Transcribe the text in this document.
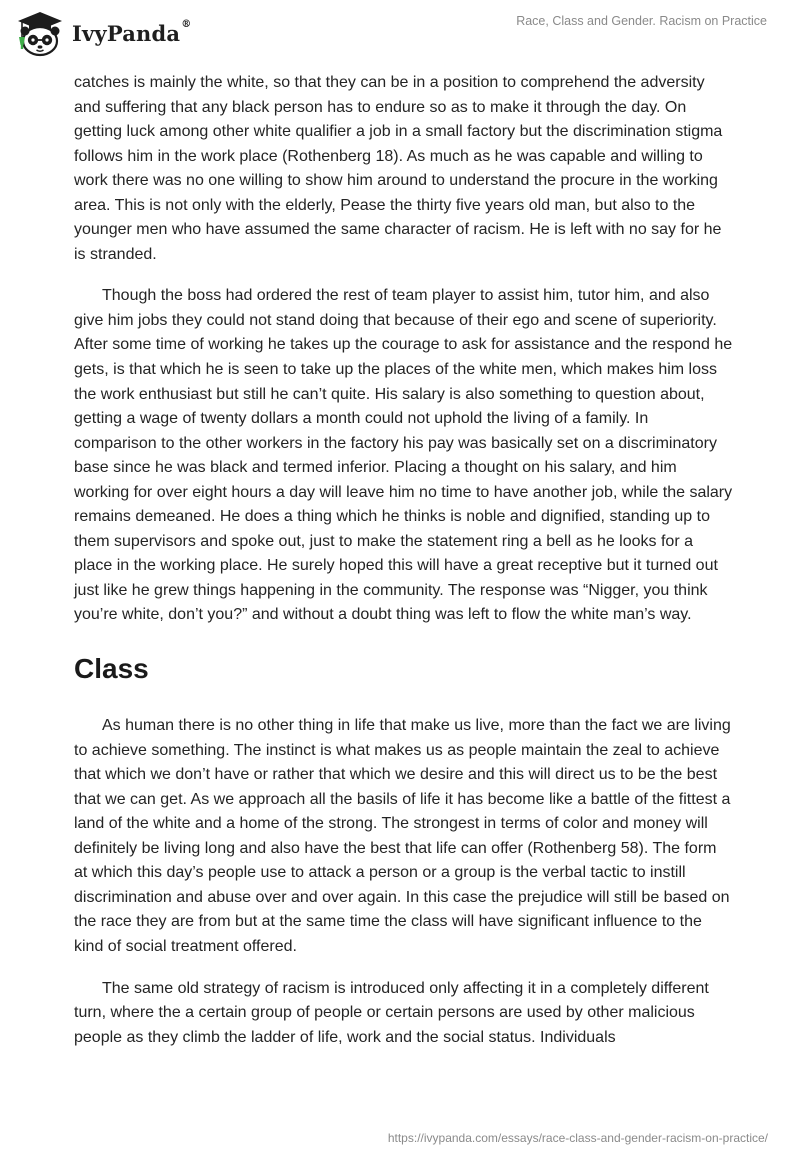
IvyPanda®	Race, Class and Gender. Racism on Practice

catches is mainly the white, so that they can be in a position to comprehend the adversity and suffering that any black person has to endure so as to make it through the day. On getting luck among other white qualifier a job in a small factory but the discrimination stigma follows him in the work place (Rothenberg 18). As much as he was capable and willing to work there was no one willing to show him around to understand the procure in the working area. This is not only with the elderly, Pease the thirty five years old man, but also to the younger men who have assumed the same character of racism. He is left with no say for he is stranded.

Though the boss had ordered the rest of team player to assist him, tutor him, and also give him jobs they could not stand doing that because of their ego and scene of superiority. After some time of working he takes up the courage to ask for assistance and the respond he gets, is that which he is seen to take up the places of the white men, which makes him loss the work enthusiast but still he can’t quite. His salary is also something to question about, getting a wage of twenty dollars a month could not uphold the living of a family. In comparison to the other workers in the factory his pay was basically set on a discriminatory base since he was black and termed inferior. Placing a thought on his salary, and him working for over eight hours a day will leave him no time to have another job, while the salary remains demeaned. He does a thing which he thinks is noble and dignified, standing up to them supervisors and spoke out, just to make the statement ring a bell as he looks for a place in the working place. He surely hoped this will have a great receptive but it turned out just like he grew things happening in the community. The response was “Nigger, you think you’re white, don’t you?” and without a doubt thing was left to flow the white man’s way.

Class

As human there is no other thing in life that make us live, more than the fact we are living to achieve something. The instinct is what makes us as people maintain the zeal to achieve that which we don’t have or rather that which we desire and this will direct us to be the best that we can get. As we approach all the basils of life it has become like a battle of the fittest a land of the white and a home of the strong. The strongest in terms of color and money will definitely be living long and also have the best that life can offer (Rothenberg 58). The form at which this day’s people use to attack a person or a group is the verbal tactic to instill discrimination and abuse over and over again. In this case the prejudice will still be based on the race they are from but at the same time the class will have significant influence to the kind of social treatment offered.

The same old strategy of racism is introduced only affecting it in a completely different turn, where the a certain group of people or certain persons are used by other malicious people as they climb the ladder of life, work and the social status. Individuals

https://ivypanda.com/essays/race-class-and-gender-racism-on-practice/
